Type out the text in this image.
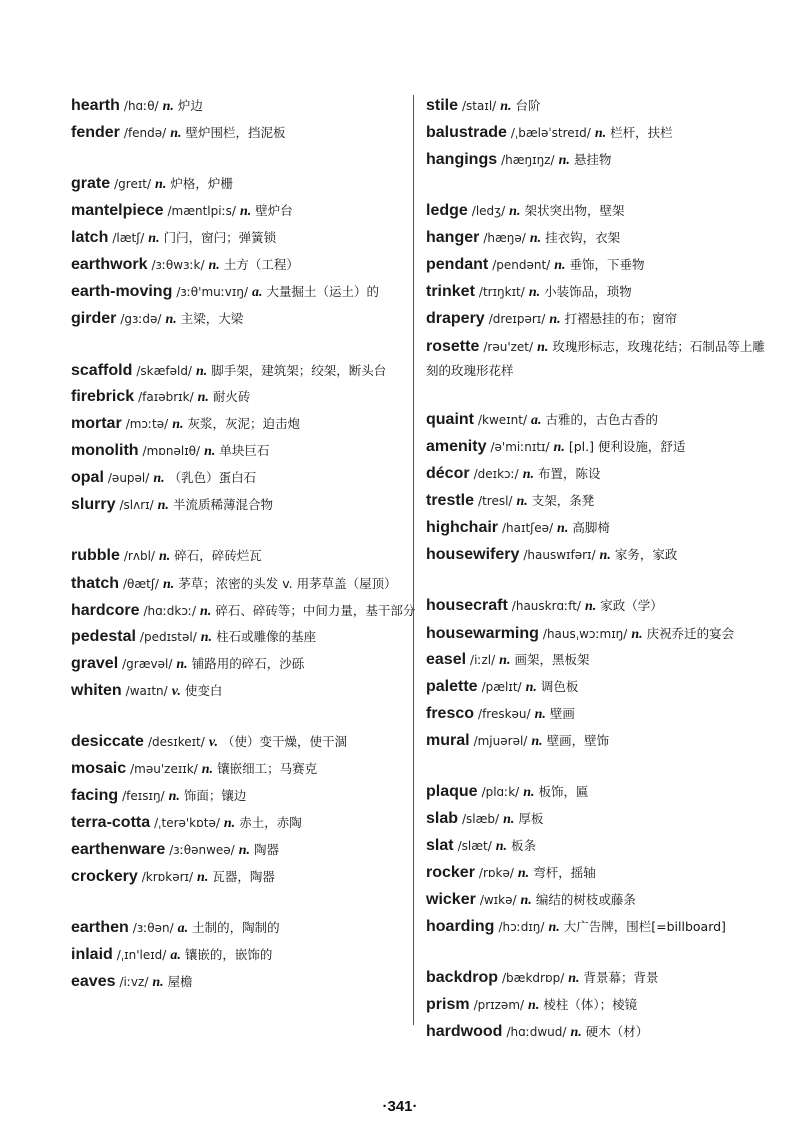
hearth /hɑːθ/ n. 炉边
fender /fendə/ n. 壁炉围栏，挡泥板
grate /greɪt/ n. 炉格，炉栅
mantelpiece /mæntlpiːs/ n. 壁炉台
latch /lætʃ/ n. 门闩，窗闩；弹簧锁
earthwork /ɜːθwɜːk/ n. 土方（工程）
earth-moving /ɜːθ'muːvɪŋ/ a. 大量掘土（运土）的
girder /gɜːdə/ n. 主梁，大梁
scaffold /skæfəld/ n. 脚手架，建筑架；绞架，断头台
firebrick /faɪəbrɪk/ n. 耐火砖
mortar /mɔːtə/ n. 灰浆，灰泥；迫击炮
monolith /mɒnəlɪθ/ n. 单块巨石
opal /əupəl/ n. （乳色）蛋白石
slurry /slʌrɪ/ n. 半流质稀薄混合物
rubble /rʌbl/ n. 碎石，碎砖烂瓦
thatch /θætʃ/ n. 茅草；浓密的头发 v. 用茅草盖（屋顶）
hardcore /hɑːdkɔː/ n. 碎石、碎砖等；中间力量，基干部分
pedestal /pedɪstəl/ n. 柱石或雕像的基座
gravel /grævəl/ n. 铺路用的碎石，沙砾
whiten /waɪtn/ v. 使变白
desiccate /desɪkeɪt/ v. （使）变干燥，使干涸
mosaic /məu'zeɪɪk/ n. 镶嵌细工；马赛克
facing /feɪsɪŋ/ n. 饰面；镶边
terra-cotta /ˌterə'kɒtə/ n. 赤土，赤陶
earthenware /ɜːθənweə/ n. 陶器
crockery /krɒkərɪ/ n. 瓦器，陶器
earthen /ɜːθən/ a. 土制的，陶制的
inlaid /ˌɪn'leɪd/ a. 镶嵌的，嵌饰的
eaves /iːvz/ n. 屋檐
stile /staɪl/ n. 台阶
balustrade /ˌbæləˈstreɪd/ n. 栏杆，扶栏
hangings /hæŋɪŋz/ n. 悬挂物
ledge /ledʒ/ n. 架状突出物，壁架
hanger /hæŋə/ n. 挂衣钩，衣架
pendant /pendənt/ n. 垂饰，下垂物
trinket /trɪŋkɪt/ n. 小装饰品，琐物
drapery /dreɪpərɪ/ n. 打褶悬挂的布；窗帘
rosette /rəu'zet/ n. 玫瑰形标志，玫瑰花结；石制品等上雕刻的玫瑰形花样
quaint /kweɪnt/ a. 古雅的，古色古香的
amenity /ə'miːnɪtɪ/ n. [pl.] 便利设施，舒适
décor /deɪkɔː/ n. 布置，陈设
trestle /tresl/ n. 支架，条凳
highchair /haɪtʃeə/ n. 高脚椅
housewifery /hauswɪfərɪ/ n. 家务，家政
housecraft /hauskrɑːft/ n. 家政（学）
housewarming /hausˌwɔːmɪŋ/ n. 庆祝乔迁的宴会
easel /iːzl/ n. 画架，黑板架
palette /pælɪt/ n. 调色板
fresco /freskəu/ n. 壁画
mural /mjuərəl/ n. 壁画，壁饰
plaque /plɑːk/ n. 板饰，匾
slab /slæb/ n. 厚板
slat /slæt/ n. 板条
rocker /rɒkə/ n. 弯杆，摇轴
wicker /wɪkə/ n. 编结的树枝或藤条
hoarding /hɔːdɪŋ/ n. 大广告牌，围栏[=billboard]
backdrop /bækdrɒp/ n. 背景幕；背景
prism /prɪzəm/ n. 棱柱（体）；棱镜
hardwood /hɑːdwud/ n. 硬木（材）
·341·
